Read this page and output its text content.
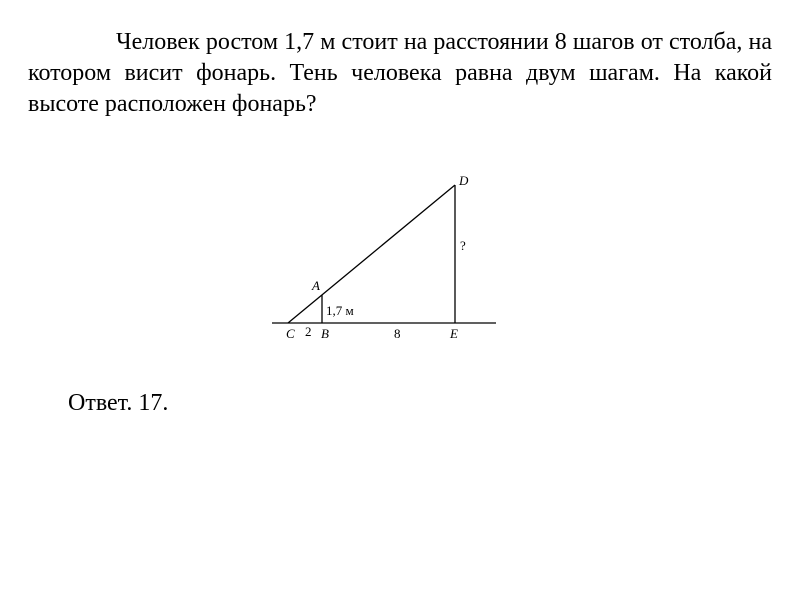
Человек ростом 1,7 м стоит на расстоянии 8 шагов от столба, на котором висит фонарь. Тень человека равна двум шагам. На какой высоте расположен фонарь?

D
A
C B	E
1,7 м
2	8
?

Ответ. 17.
